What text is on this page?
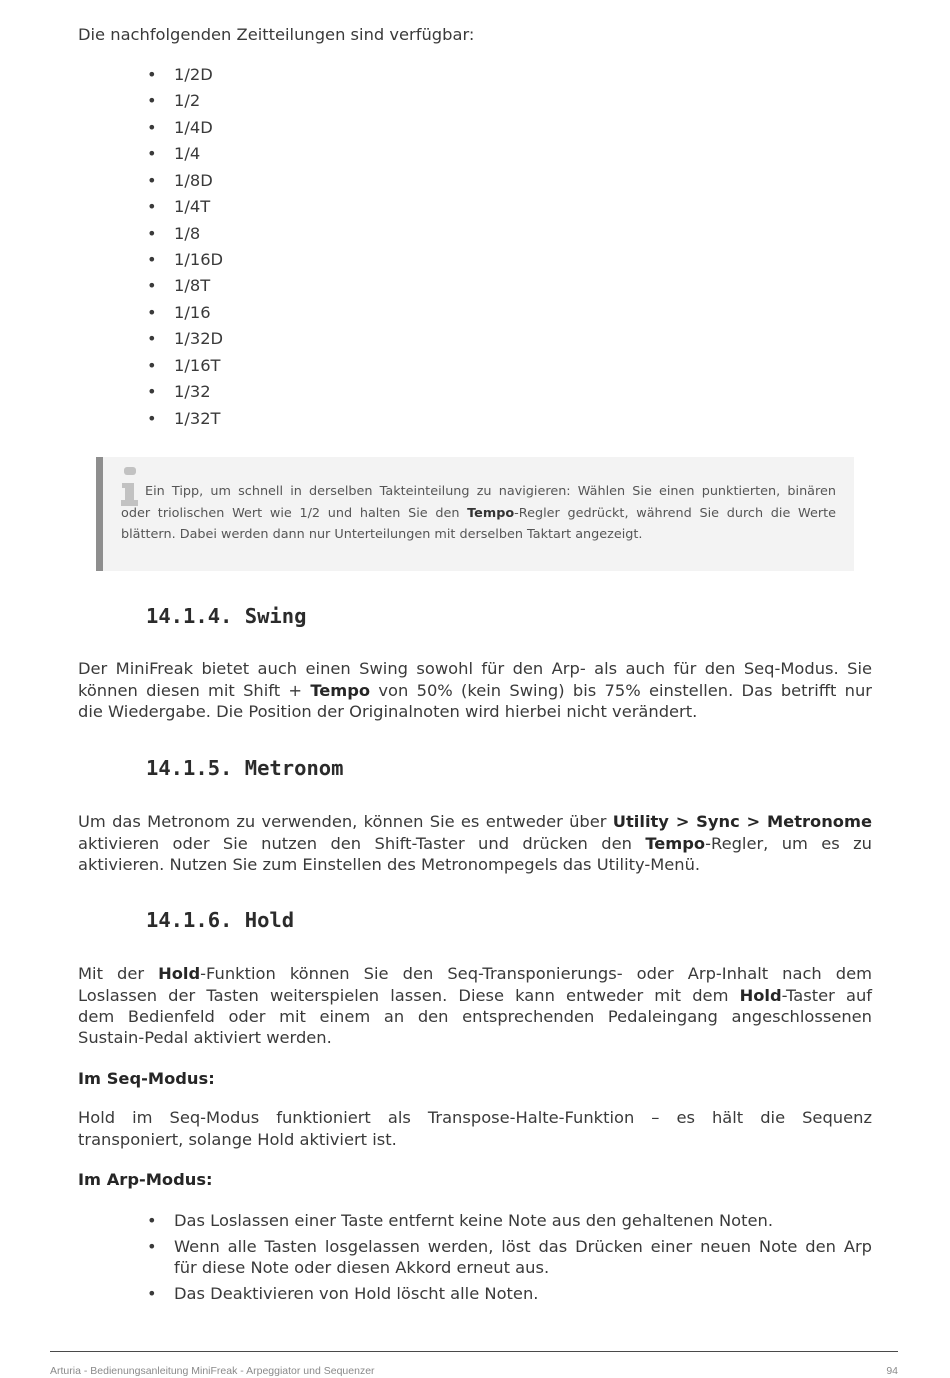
Die nachfolgenden Zeitteilungen sind verfügbar:
• 1/2D
• 1/2
• 1/4D
• 1/4
• 1/8D
• 1/4T
• 1/8
• 1/16D
• 1/8T
• 1/16
• 1/32D
• 1/16T
• 1/32
• 1/32T
Ein Tipp, um schnell in derselben Takteinteilung zu navigieren: Wählen Sie einen punktierten, binären
oder triolischen Wert wie 1/2 und halten Sie den Tempo-Regler gedrückt, während Sie durch die Werte
blättern. Dabei werden dann nur Unterteilungen mit derselben Taktart angezeigt.
14.1.4. Swing
Der MiniFreak bietet auch einen Swing sowohl für den Arp- als auch für den Seq-Modus. Sie
können diesen mit Shift + Tempo von 50% (kein Swing) bis 75% einstellen. Das betrifft nur
die Wiedergabe. Die Position der Originalnoten wird hierbei nicht verändert.
14.1.5. Metronom
Um das Metronom zu verwenden, können Sie es entweder über Utility > Sync > Metronome
aktivieren oder Sie nutzen den Shift-Taster und drücken den Tempo-Regler, um es zu
aktivieren. Nutzen Sie zum Einstellen des Metronompegels das Utility-Menü.
14.1.6. Hold
Mit der Hold-Funktion können Sie den Seq-Transponierungs- oder Arp-Inhalt nach dem
Loslassen der Tasten weiterspielen lassen. Diese kann entweder mit dem Hold-Taster auf
dem Bedienfeld oder mit einem an den entsprechenden Pedaleingang angeschlossenen
Sustain-Pedal aktiviert werden.
Im Seq-Modus:
Hold im Seq-Modus funktioniert als Transpose-Halte-Funktion – es hält die Sequenz
transponiert, solange Hold aktiviert ist.
Im Arp-Modus:
• Das Loslassen einer Taste entfernt keine Note aus den gehaltenen Noten.
• Wenn alle Tasten losgelassen werden, löst das Drücken einer neuen Note den Arp
für diese Note oder diesen Akkord erneut aus.
• Das Deaktivieren von Hold löscht alle Noten.
Arturia - Bedienungsanleitung MiniFreak - Arpeggiator und Sequenzer	94
